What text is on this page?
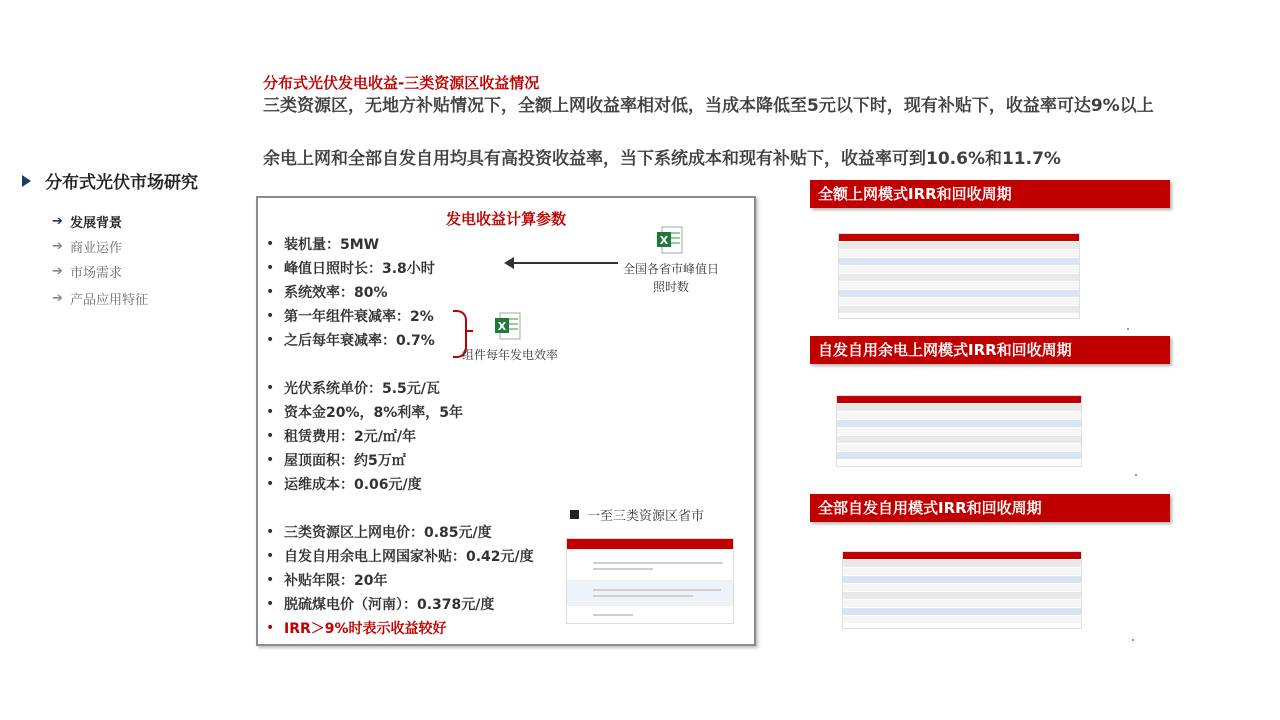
分布式光伏发电收益-三类资源区收益情况
三类资源区，无地方补贴情况下，全额上网收益率相对低，当成本降低至5元以下时，现有补贴下，收益率可达9%以上
余电上网和全部自发自用均具有高投资收益率，当下系统成本和现有补贴下，收益率可到10.6%和11.7%
分布式光伏市场研究
➔ 发展背景
➔ 商业运作
➔ 市场需求
➔ 产品应用特征
发电收益计算参数
• 装机量：5MW
• 峰值日照时长：3.8小时
• 系统效率：80%
• 第一年组件衰减率：2%
• 之后每年衰减率：0.7%
• 光伏系统单价：5.5元/瓦
• 资本金20%，8%利率，5年
• 租赁费用：2元/㎡/年
• 屋顶面积：约5万㎡
• 运维成本：0.06元/度
• 三类资源区上网电价：0.85元/度
• 自发自用余电上网国家补贴：0.42元/度
• 补贴年限：20年
• 脱硫煤电价（河南）：0.378元/度
• IRR＞9%时表示收益较好
X
全国各省市峰值日
照时数
X
组件每年发电效率
一至三类资源区省市
全额上网模式IRR和回收周期
自发自用余电上网模式IRR和回收周期
全部自发自用模式IRR和回收周期
